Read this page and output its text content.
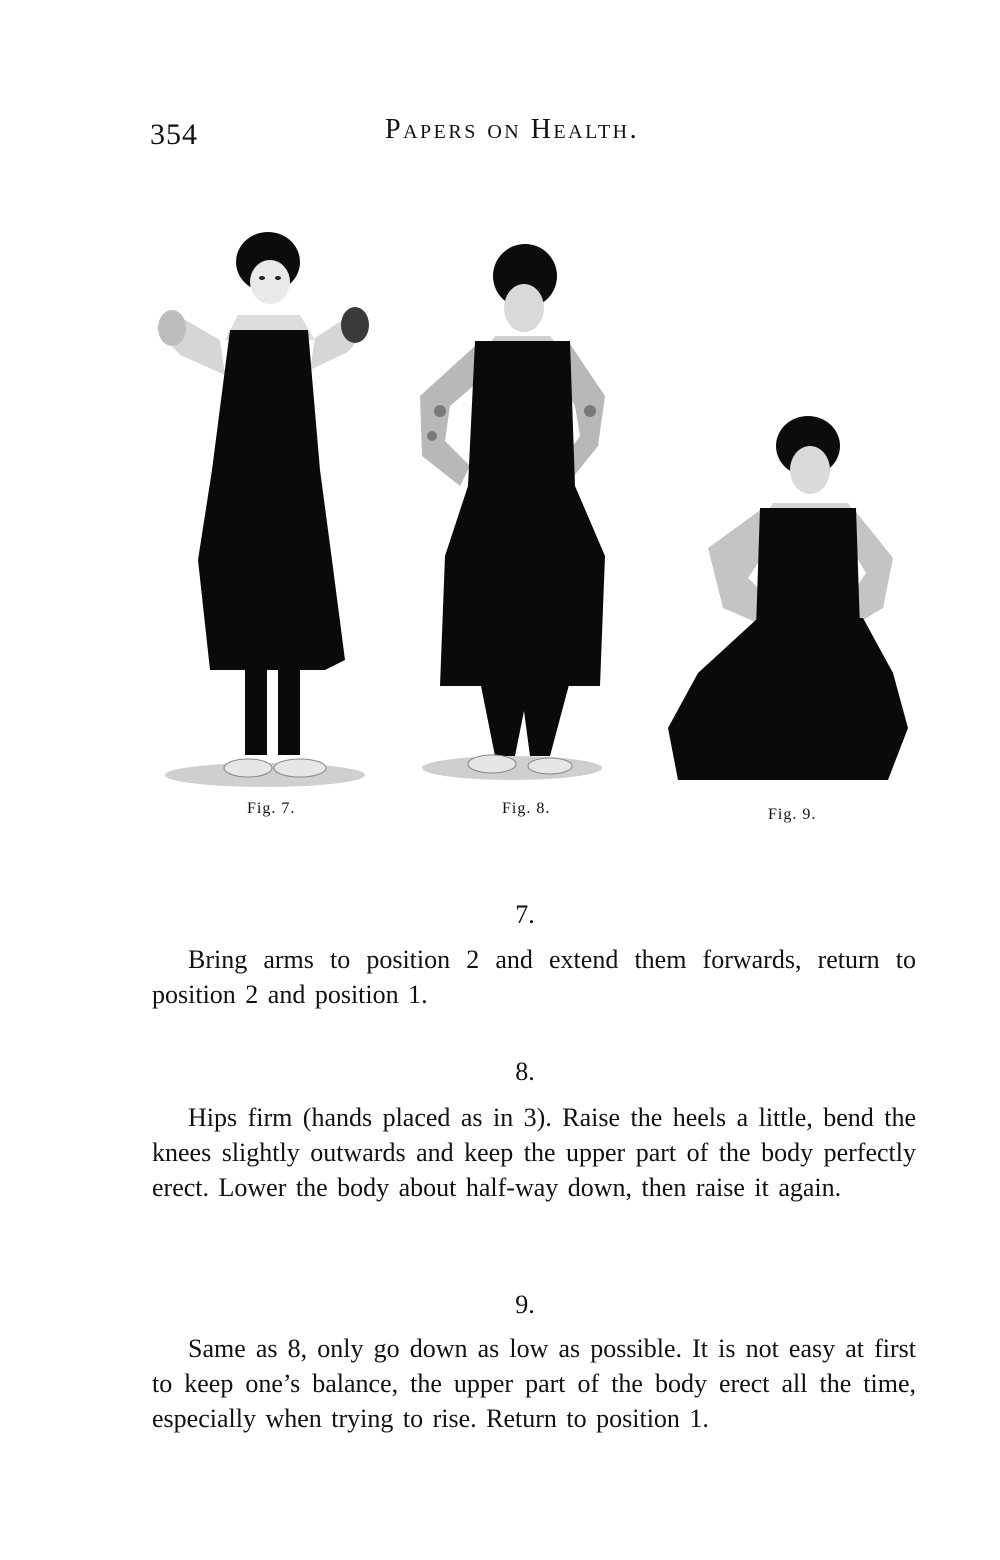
354	Papers on Health.
Fig. 7.	Fig. 8.	Fig. 9.
7.
Bring arms to position 2 and extend them forwards, return to position 2 and position 1.
8.
Hips firm (hands placed as in 3). Raise the heels a little, bend the knees slightly outwards and keep the upper part of the body perfectly erect. Lower the body about half-way down, then raise it again.
9.
Same as 8, only go down as low as possible. It is not easy at first to keep one’s balance, the upper part of the body erect all the time, especially when trying to rise. Return to position 1.
